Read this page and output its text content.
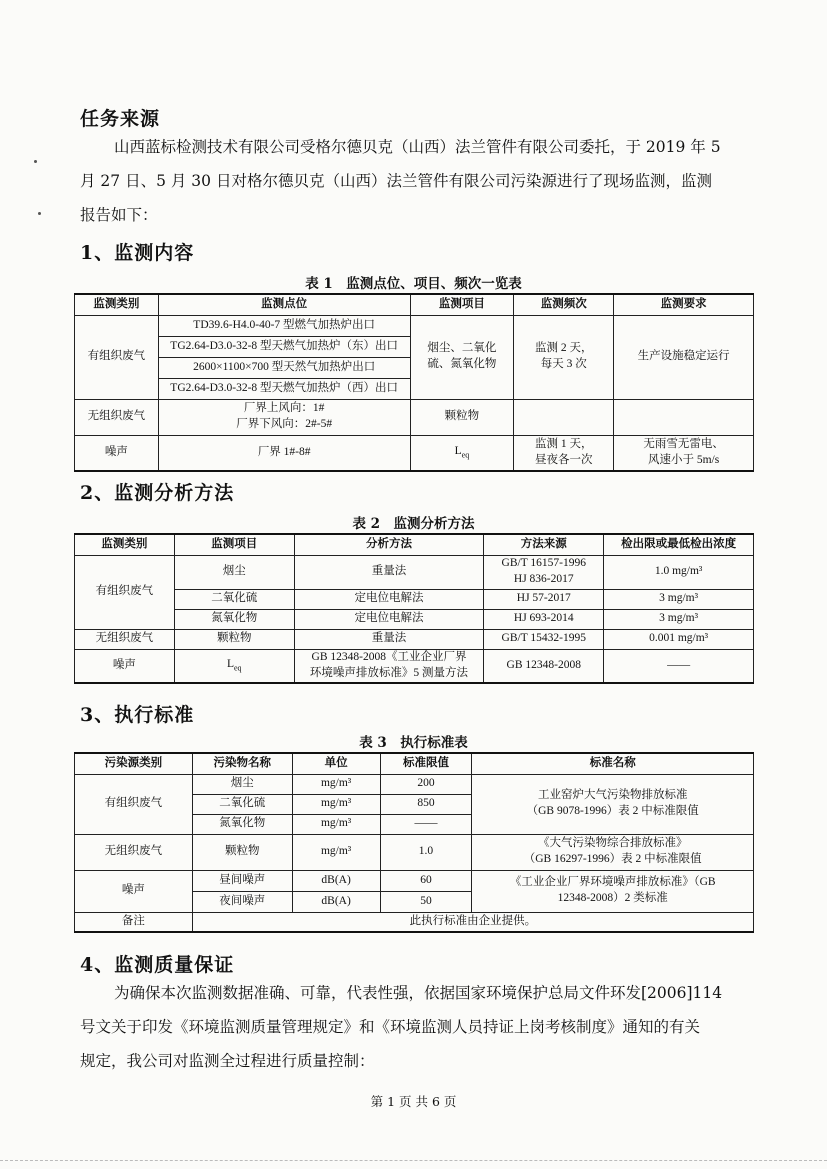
任务来源
山西蓝标检测技术有限公司受格尔德贝克（山西）法兰管件有限公司委托，于 2019 年 5
月 27 日、5 月 30 日对格尔德贝克（山西）法兰管件有限公司污染源进行了现场监测，监测
报告如下：
1、监测内容
表 1　监测点位、项目、频次一览表
监测类别	监测点位	监测项目	监测频次	监测要求
有组织废气	TD39.6-H4.0-40-7 型燃气加热炉出口	烟尘、二氧化硫、氮氧化物	监测 2 天，
每天 3 次	生产设施稳定运行
	TG2.64-D3.0-32-8 型天燃气加热炉（东）出口			
	2600×1100×700 型天然气加热炉出口			
	TG2.64-D3.0-32-8 型天燃气加热炉（西）出口			
无组织废气	厂界上风向：1#
厂界下风向：2#-5#	颗粒物		
噪声	厂界 1#-8#	$L_{eq}$	监测 1 天，
昼夜各一次	无雨雪无雷电、
风速小于 5m/s
2、监测分析方法
表 2　监测分析方法
监测类别	监测项目	分析方法	方法来源	检出限或最低检出浓度
有组织废气	烟尘	重量法	GB/T 16157-1996
HJ 836-2017	1.0 mg/m³
	二氧化硫	定电位电解法	HJ 57-2017	3 mg/m³
	氮氧化物	定电位电解法	HJ 693-2014	3 mg/m³
无组织废气	颗粒物	重量法	GB/T 15432-1995	0.001 mg/m³
噪声	$L_{eq}$	GB 12348-2008《工业企业厂界
环境噪声排放标准》5 测量方法	GB 12348-2008	——
3、执行标准
表 3　执行标准表
污染源类别	污染物名称	单位	标准限值	标准名称
有组织废气	烟尘	mg/m³	200	工业窑炉大气污染物排放标准
（GB 9078-1996）表 2 中标准限值
	二氧化硫	mg/m³	850	
	氮氧化物	mg/m³	——	
无组织废气	颗粒物	mg/m³	1.0	《大气污染物综合排放标准》
（GB 16297-1996）表 2 中标准限值
噪声	昼间噪声	dB(A)	60	《工业企业厂界环境噪声排放标准》（GB
12348-2008）2 类标准
	夜间噪声	dB(A)	50	
备注	此执行标准由企业提供。			
4、监测质量保证
为确保本次监测数据准确、可靠，代表性强，依据国家环境保护总局文件环发[2006]114
号文关于印发《环境监测质量管理规定》和《环境监测人员持证上岗考核制度》通知的有关
规定，我公司对监测全过程进行质量控制：
第 1 页 共 6 页
